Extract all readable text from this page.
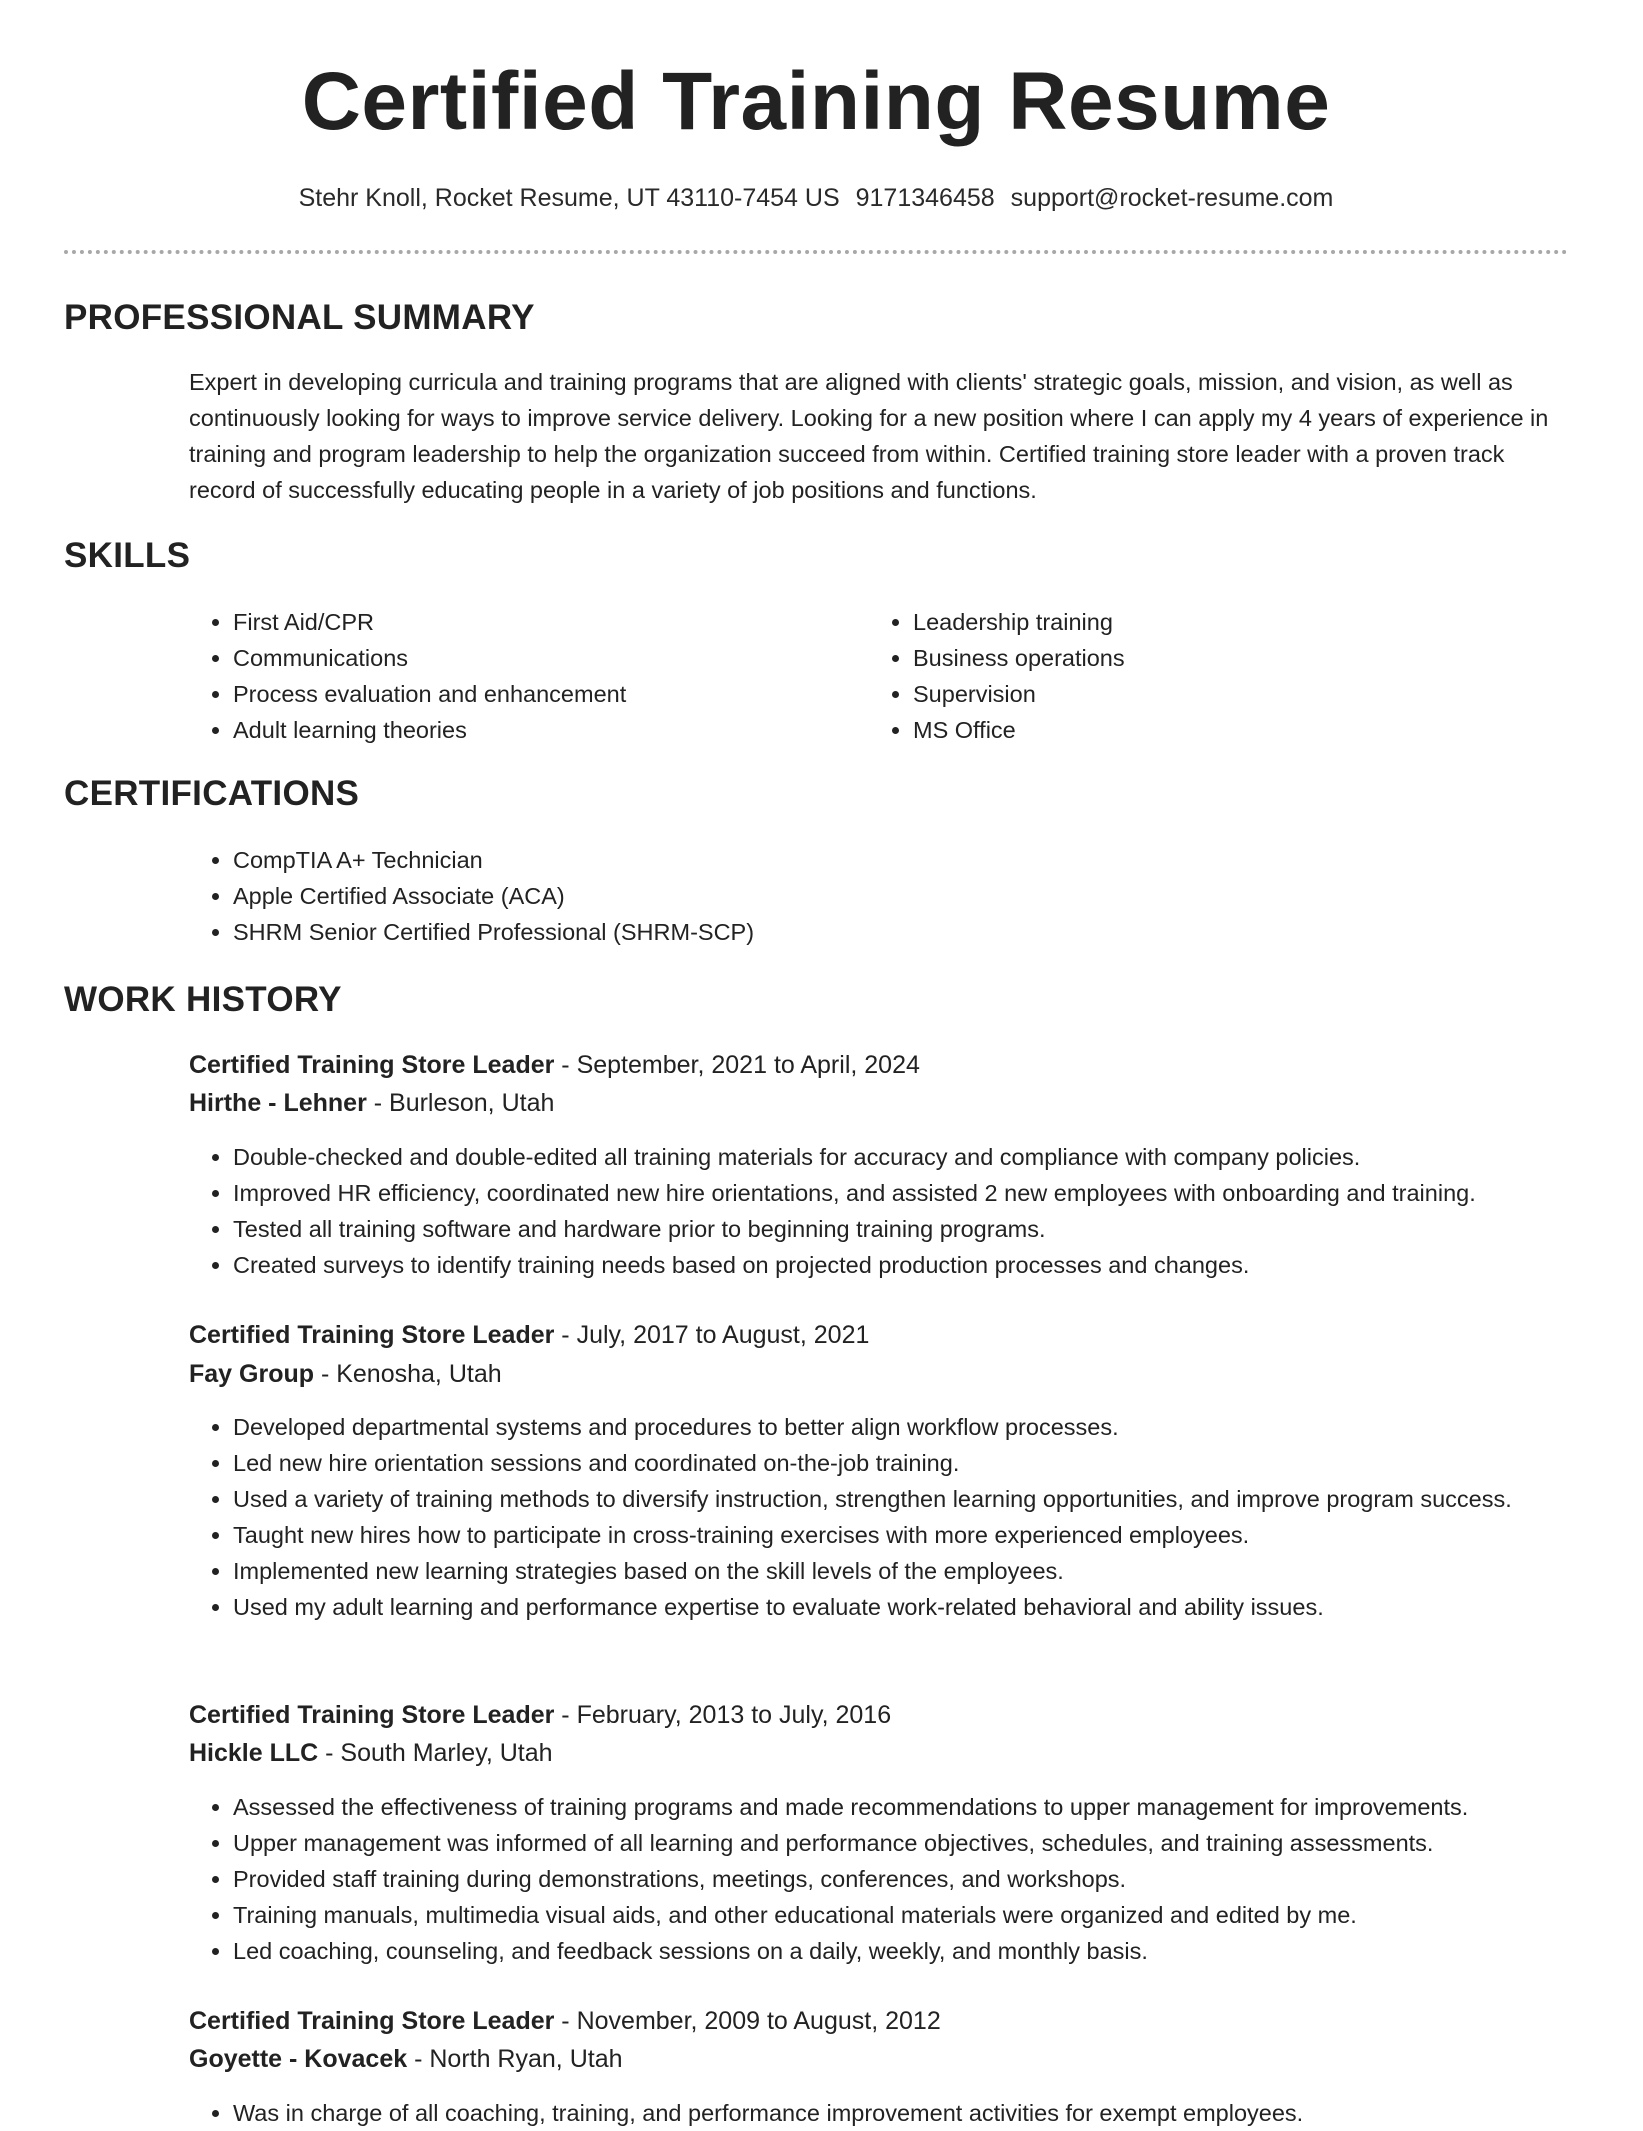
Certified Training Resume
Stehr Knoll, Rocket Resume, UT 43110-7454 US 9171346458 support@rocket-resume.com
PROFESSIONAL SUMMARY
Expert in developing curricula and training programs that are aligned with clients' strategic goals, mission, and vision, as well as continuously looking for ways to improve service delivery. Looking for a new position where I can apply my 4 years of experience in training and program leadership to help the organization succeed from within. Certified training store leader with a proven track record of successfully educating people in a variety of job positions and functions.
SKILLS
• First Aid/CPR
• Communications
• Process evaluation and enhancement
• Adult learning theories
• Leadership training
• Business operations
• Supervision
• MS Office
CERTIFICATIONS
• CompTIA A+ Technician
• Apple Certified Associate (ACA)
• SHRM Senior Certified Professional (SHRM-SCP)
WORK HISTORY
Certified Training Store Leader - September, 2021 to April, 2024
Hirthe - Lehner - Burleson, Utah
• Double-checked and double-edited all training materials for accuracy and compliance with company policies.
• Improved HR efficiency, coordinated new hire orientations, and assisted 2 new employees with onboarding and training.
• Tested all training software and hardware prior to beginning training programs.
• Created surveys to identify training needs based on projected production processes and changes.
Certified Training Store Leader - July, 2017 to August, 2021
Fay Group - Kenosha, Utah
• Developed departmental systems and procedures to better align workflow processes.
• Led new hire orientation sessions and coordinated on-the-job training.
• Used a variety of training methods to diversify instruction, strengthen learning opportunities, and improve program success.
• Taught new hires how to participate in cross-training exercises with more experienced employees.
• Implemented new learning strategies based on the skill levels of the employees.
• Used my adult learning and performance expertise to evaluate work-related behavioral and ability issues.
Certified Training Store Leader - February, 2013 to July, 2016
Hickle LLC - South Marley, Utah
• Assessed the effectiveness of training programs and made recommendations to upper management for improvements.
• Upper management was informed of all learning and performance objectives, schedules, and training assessments.
• Provided staff training during demonstrations, meetings, conferences, and workshops.
• Training manuals, multimedia visual aids, and other educational materials were organized and edited by me.
• Led coaching, counseling, and feedback sessions on a daily, weekly, and monthly basis.
Certified Training Store Leader - November, 2009 to August, 2012
Goyette - Kovacek - North Ryan, Utah
• Was in charge of all coaching, training, and performance improvement activities for exempt employees.
